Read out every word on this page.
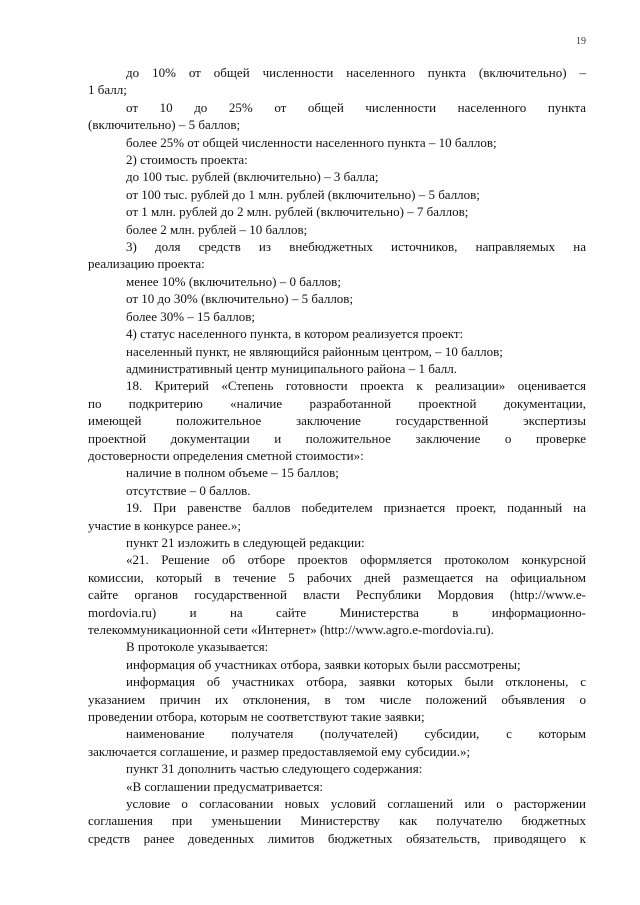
19

до 10% от общей численности населенного пункта (включительно) –

1 балл;

от 10 до 25% от общей численности населенного пункта

(включительно) – 5 баллов;

более 25% от общей численности населенного пункта – 10 баллов;

2) стоимость проекта:

до 100 тыс. рублей (включительно) – 3 балла;

от 100 тыс. рублей до 1 млн. рублей (включительно) – 5 баллов;

от 1 млн. рублей до 2 млн. рублей (включительно) – 7 баллов;

более 2 млн. рублей – 10 баллов;

3) доля средств из внебюджетных источников, направляемых на

реализацию проекта:

менее 10% (включительно) – 0 баллов;

от 10 до 30% (включительно) – 5 баллов;

более 30% – 15 баллов;

4) статус населенного пункта, в котором реализуется проект:

населенный пункт, не являющийся районным центром, – 10 баллов;

административный центр муниципального района – 1 балл.

18. Критерий «Степень готовности проекта к реализации» оценивается

по подкритерию «наличие разработанной проектной документации,

имеющей положительное заключение государственной экспертизы

проектной документации и положительное заключение о проверке

достоверности определения сметной стоимости»:

наличие в полном объеме – 15 баллов;

отсутствие – 0 баллов.

19. При равенстве баллов победителем признается проект, поданный на

участие в конкурсе ранее.»;

пункт 21 изложить в следующей редакции:

«21. Решение об отборе проектов оформляется протоколом конкурсной

комиссии, который в течение 5 рабочих дней размещается на официальном

сайте органов государственной власти Республики Мордовия (http://www.e-

mordovia.ru) и на сайте Министерства в информационно-

телекоммуникационной сети «Интернет» (http://www.agro.e-mordovia.ru).

В протоколе указывается:

информация об участниках отбора, заявки которых были рассмотрены;

информация об участниках отбора, заявки которых были отклонены, с

указанием причин их отклонения, в том числе положений объявления о

проведении отбора, которым не соответствуют такие заявки;

наименование получателя (получателей) субсидии, с которым

заключается соглашение, и размер предоставляемой ему субсидии.»;

пункт 31 дополнить частью следующего содержания:

«В соглашении предусматривается:

условие о согласовании новых условий соглашений или о расторжении

соглашения при уменьшении Министерству как получателю бюджетных

средств ранее доведенных лимитов бюджетных обязательств, приводящего к
